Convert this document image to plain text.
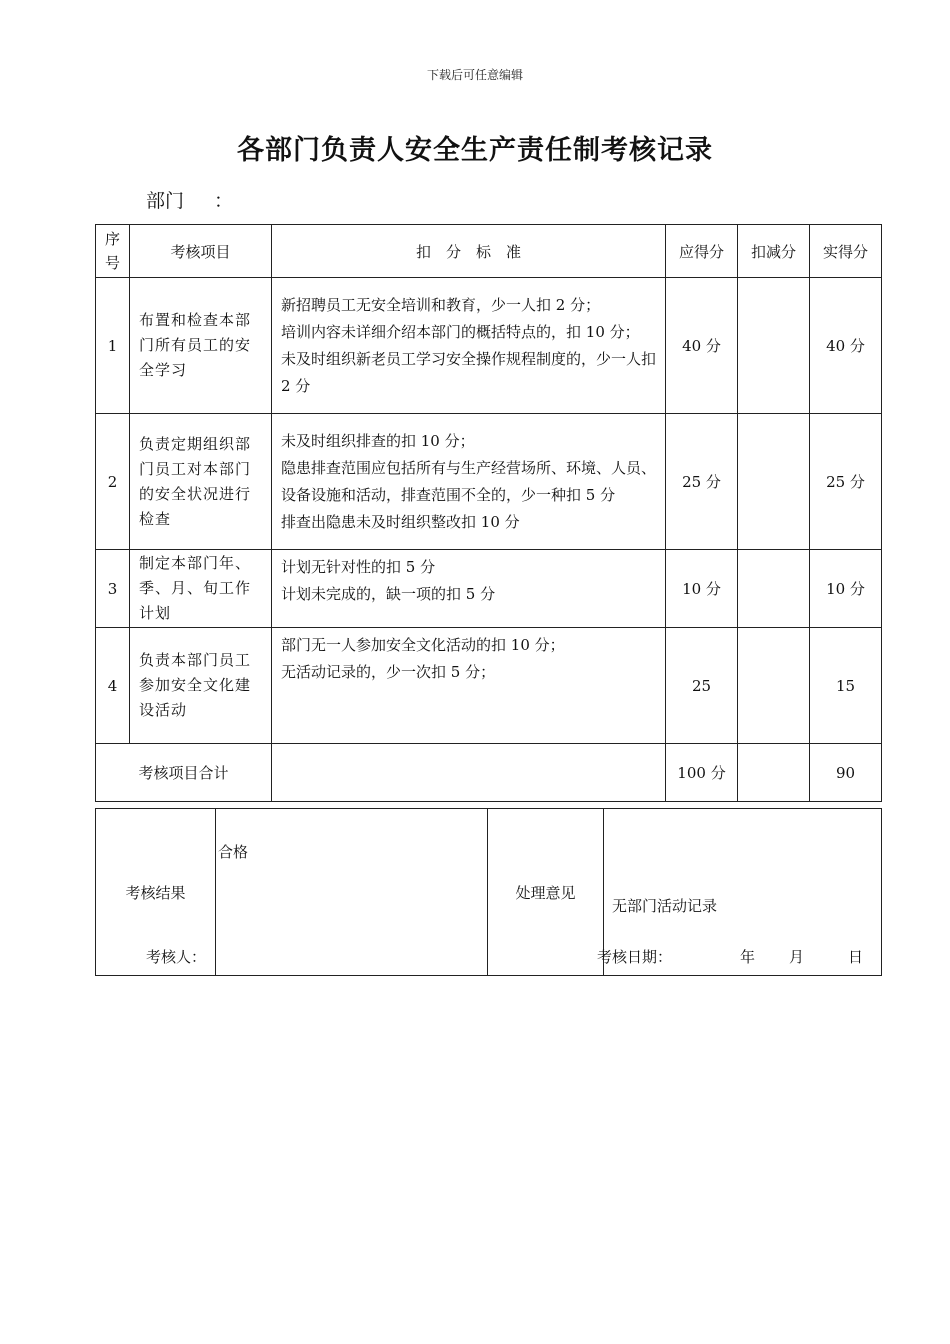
下载后可任意编辑
各部门负责人安全生产责任制考核记录
部门 ：
序号	考核项目	扣　分　标　准	应得分	扣减分	实得分
1	布置和检查本部门所有员工的安全学习	新招聘员工无安全培训和教育，少一人扣 2 分；
培训内容未详细介绍本部门的概括特点的，扣 10 分；
未及时组织新老员工学习安全操作规程制度的，少一人扣 2 分	40 分		40 分
2	负责定期组织部门员工对本部门的安全状况进行检查	未及时组织排查的扣 10 分；
隐患排查范围应包括所有与生产经营场所、环境、人员、设备设施和活动，排查范围不全的，少一种扣 5 分
排查出隐患未及时组织整改扣 10 分	25 分		25 分
3	制定本部门年、季、月、旬工作计划	计划无针对性的扣 5 分
计划未完成的，缺一项的扣 5 分	10 分		10 分
4	负责本部门员工参加安全文化建设活动	部门无一人参加安全文化活动的扣 10 分；
无活动记录的，少一次扣 5 分；	25		15
考核项目合计			100 分		90
考核结果	合格	处理意见	无部门活动记录
考核人：	考核日期：	年 月	日
